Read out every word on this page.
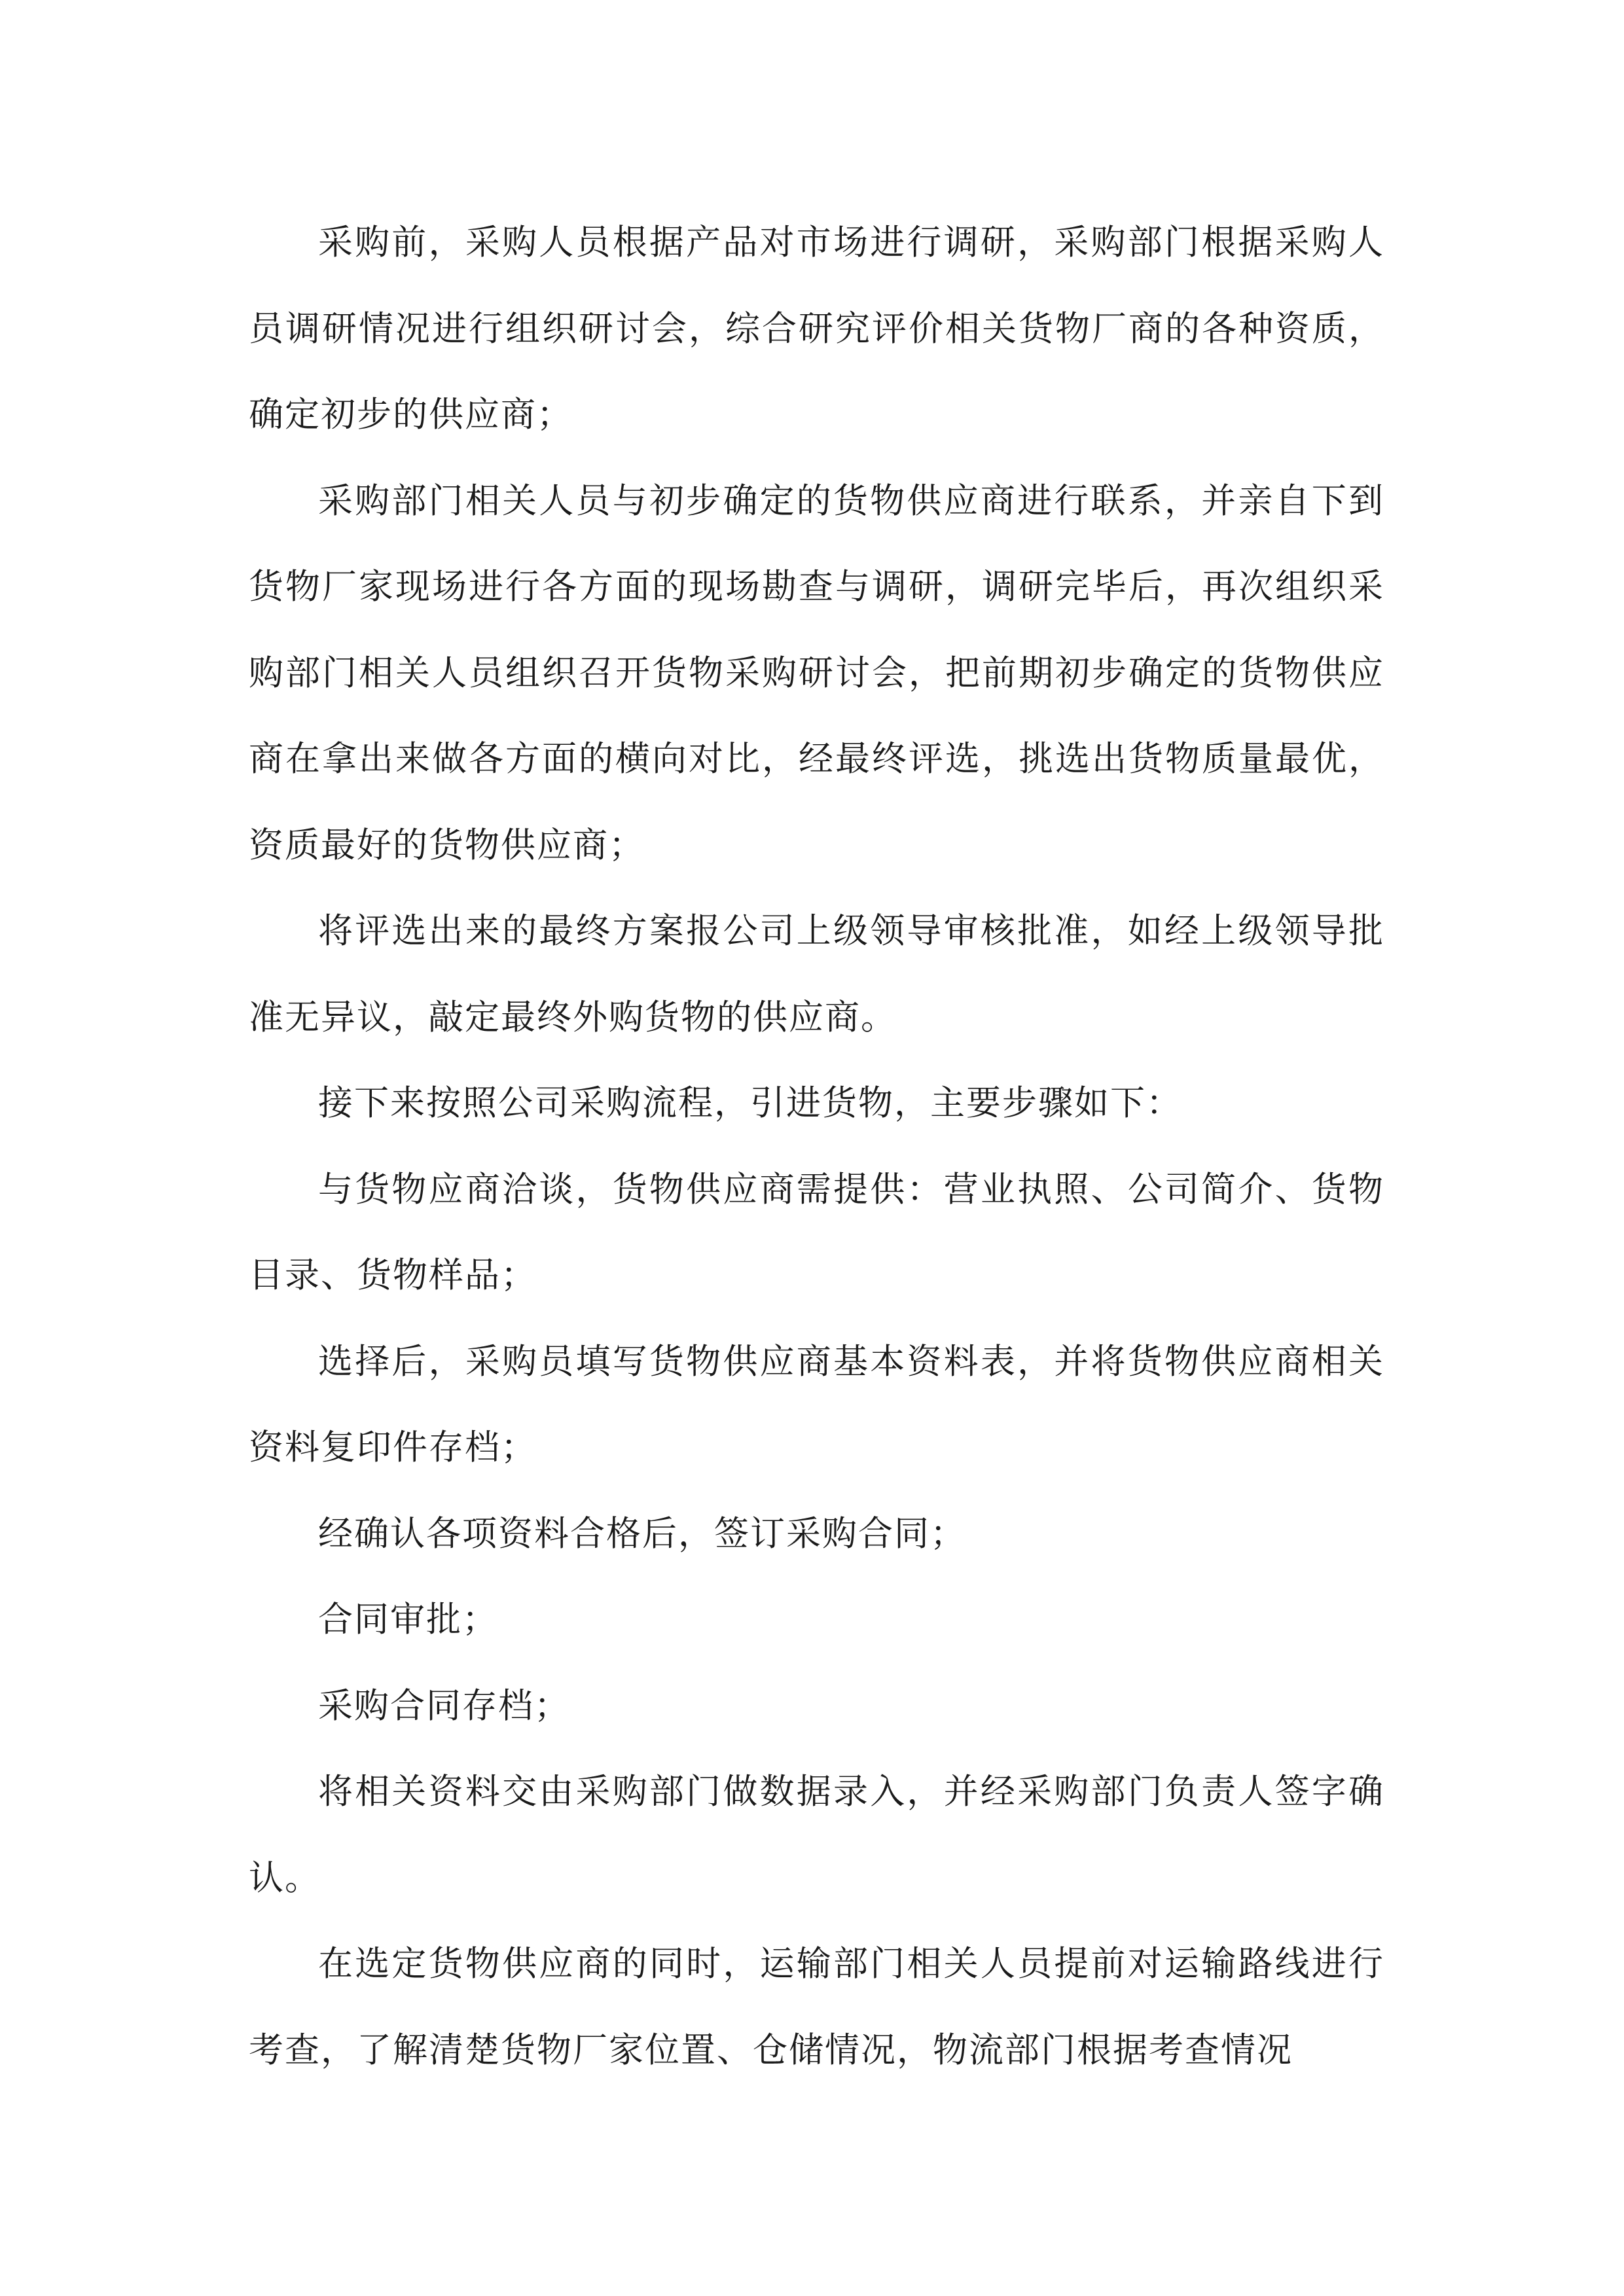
采购前，采购人员根据产品对市场进行调研，采购部门根据采购人员调研情况进行组织研讨会，综合研究评价相关货物厂商的各种资质，确定初步的供应商；

采购部门相关人员与初步确定的货物供应商进行联系，并亲自下到货物厂家现场进行各方面的现场勘查与调研，调研完毕后，再次组织采购部门相关人员组织召开货物采购研讨会，把前期初步确定的货物供应商在拿出来做各方面的横向对比，经最终评选，挑选出货物质量最优，资质最好的货物供应商；

将评选出来的最终方案报公司上级领导审核批准，如经上级领导批准无异议，敲定最终外购货物的供应商。

接下来按照公司采购流程，引进货物，主要步骤如下：

与货物应商洽谈，货物供应商需提供：营业执照、公司简介、货物目录、货物样品；

选择后，采购员填写货物供应商基本资料表，并将货物供应商相关资料复印件存档；

经确认各项资料合格后，签订采购合同；

合同审批；

采购合同存档；

将相关资料交由采购部门做数据录入，并经采购部门负责人签字确认。

在选定货物供应商的同时，运输部门相关人员提前对运输路线进行考查，了解清楚货物厂家位置、仓储情况，物流部门根据考查情况
